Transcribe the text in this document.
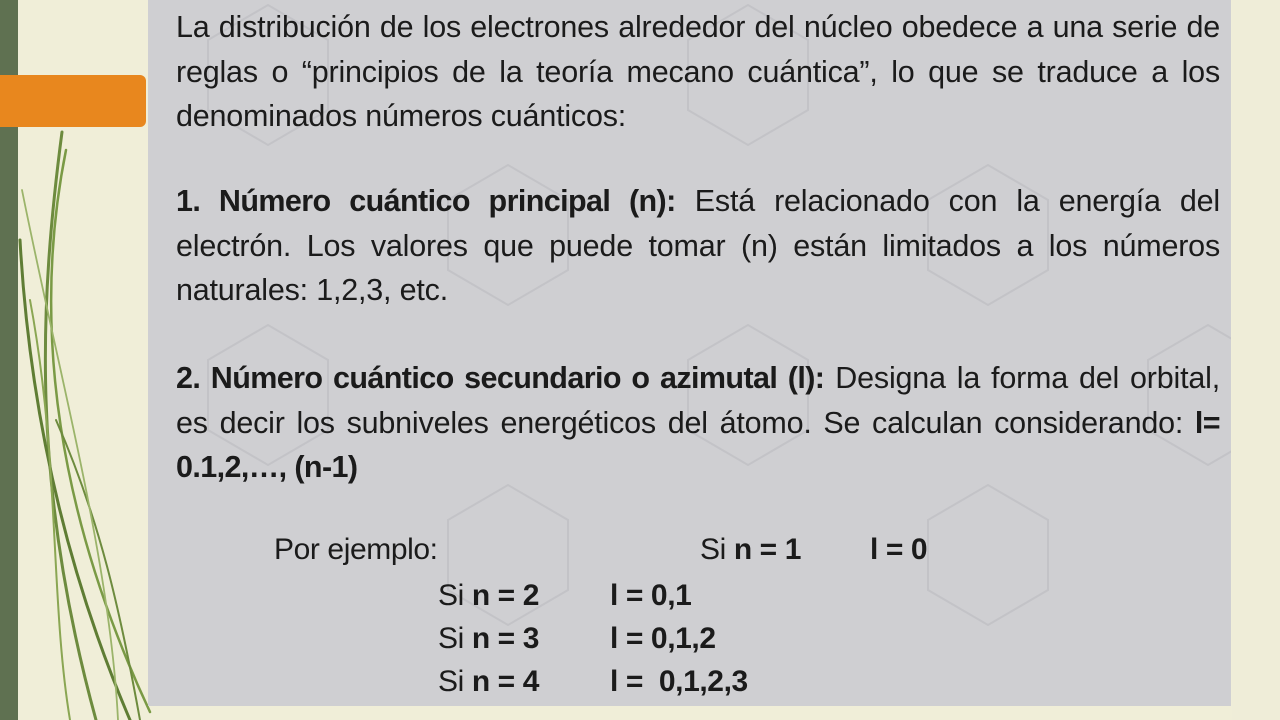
La distribución de los electrones alrededor del núcleo obedece a una serie de reglas o “principios de la teoría mecano cuántica”, lo que se traduce a los denominados números cuánticos:

1. Número cuántico principal (n): Está relacionado con la energía del electrón. Los valores que puede tomar (n) están limitados a los números naturales: 1,2,3, etc.

2. Número cuántico secundario o azimutal (l): Designa la forma del orbital, es decir los subniveles energéticos del átomo. Se calculan considerando: l= 0.1,2,…, (n-1)

Por ejemplo:	Si n = 1 l = 0
Si n = 2 l = 0,1
Si n = 3 l = 0,1,2
Si n = 4 l =  0,1,2,3
